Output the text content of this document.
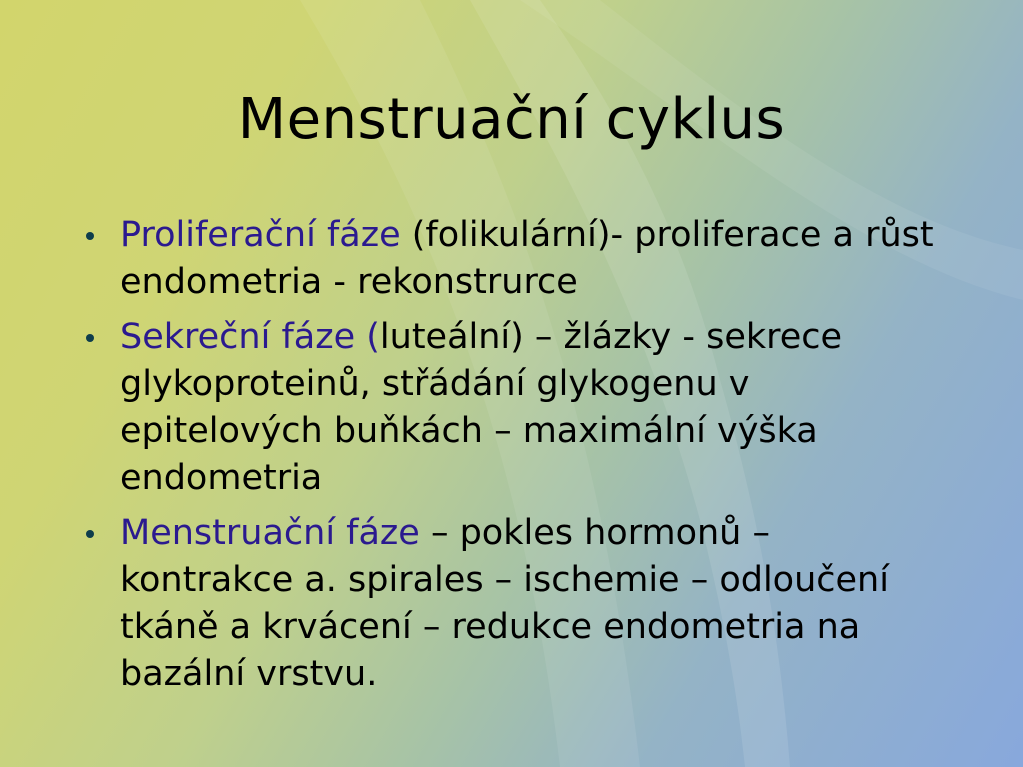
Menstruační cyklus
Proliferační fáze (folikulární)- proliferace a růst endometria - rekonstrurce
Sekreční fáze (luteální) – žlázky - sekrece glykoproteinů, střádání glykogenu v epitelových buňkách – maximální výška endometria
Menstruační fáze – pokles hormonů – kontrakce a. spirales – ischemie – odloučení tkáně a krvácení – redukce endometria na bazální vrstvu.
